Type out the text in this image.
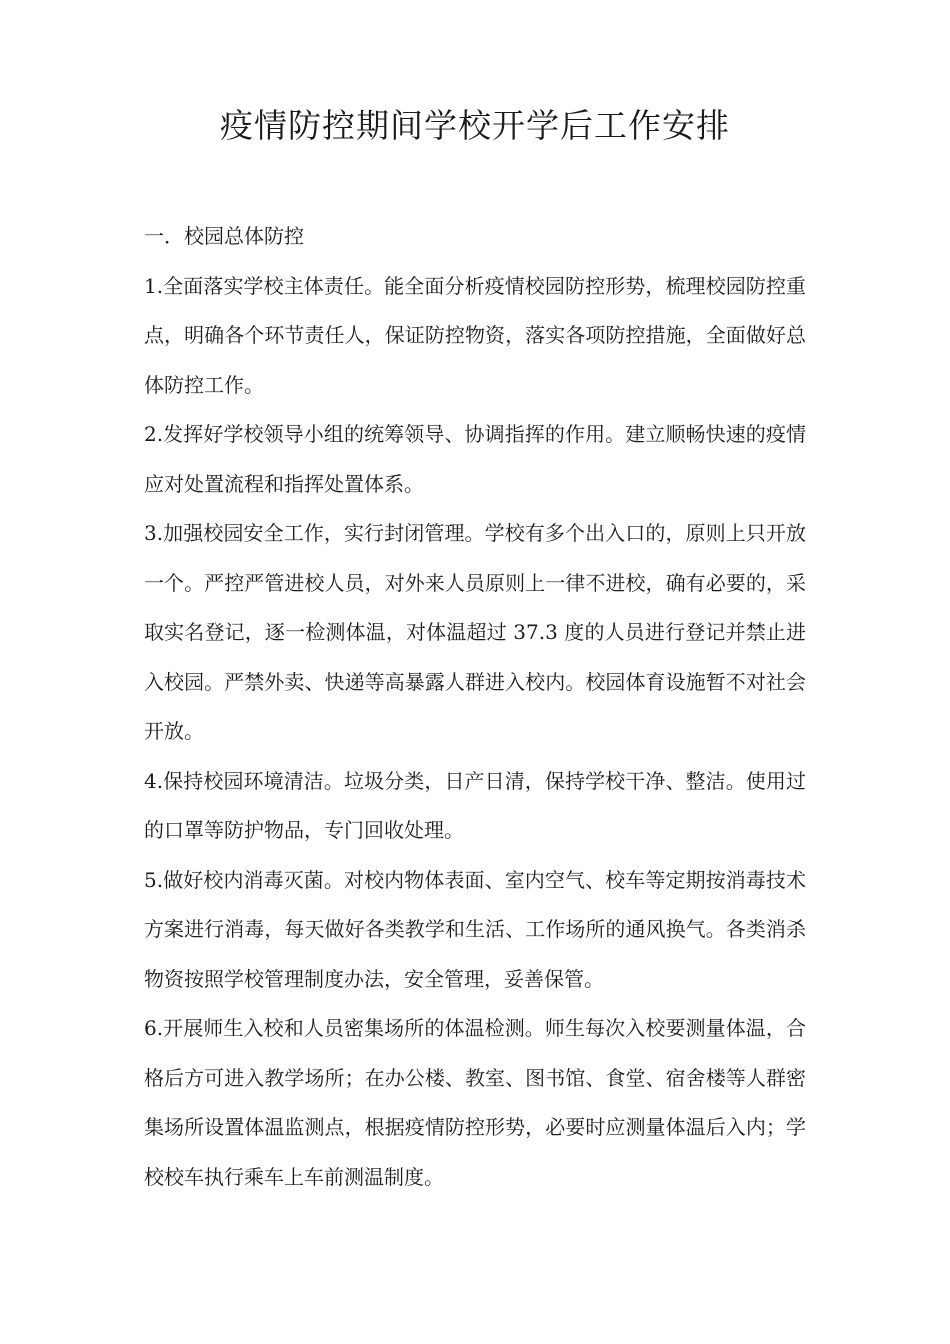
疫情防控期间学校开学后工作安排

一．校园总体防控

1.全面落实学校主体责任。能全面分析疫情校园防控形势，梳理校园防控重点，明确各个环节责任人，保证防控物资，落实各项防控措施，全面做好总体防控工作。

2.发挥好学校领导小组的统筹领导、协调指挥的作用。建立顺畅快速的疫情应对处置流程和指挥处置体系。

3.加强校园安全工作，实行封闭管理。学校有多个出入口的，原则上只开放一个。严控严管进校人员，对外来人员原则上一律不进校，确有必要的，采取实名登记，逐一检测体温，对体温超过 37.3 度的人员进行登记并禁止进入校园。严禁外卖、快递等高暴露人群进入校内。校园体育设施暂不对社会开放。

4.保持校园环境清洁。垃圾分类，日产日清，保持学校干净、整洁。使用过的口罩等防护物品，专门回收处理。

5.做好校内消毒灭菌。对校内物体表面、室内空气、校车等定期按消毒技术方案进行消毒，每天做好各类教学和生活、工作场所的通风换气。各类消杀物资按照学校管理制度办法，安全管理，妥善保管。

6.开展师生入校和人员密集场所的体温检测。师生每次入校要测量体温，合格后方可进入教学场所；在办公楼、教室、图书馆、食堂、宿舍楼等人群密集场所设置体温监测点，根据疫情防控形势，必要时应测量体温后入内；学校校车执行乘车上车前测温制度。
